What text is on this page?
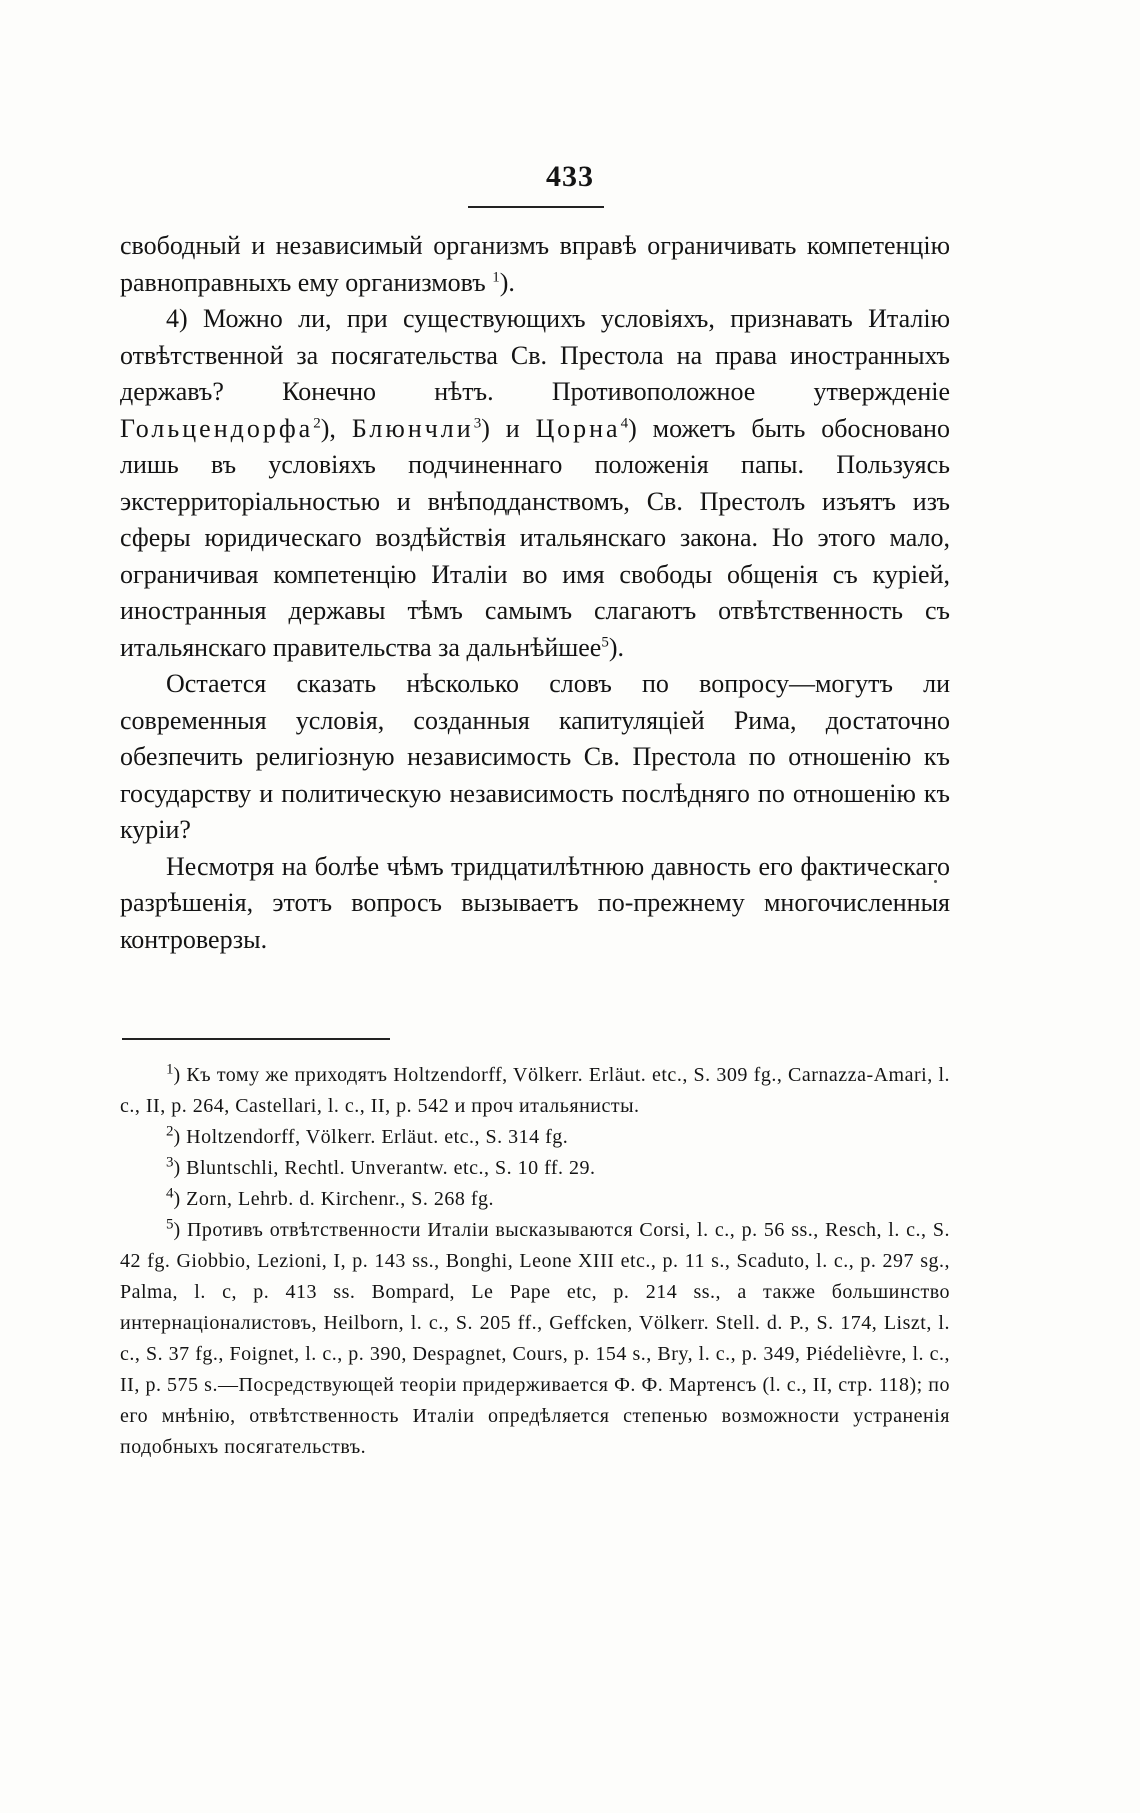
433

свободный и независимый организмъ вправѣ ограничивать компетенцію равноправныхъ ему организмовъ $^1$).

4) Можно ли, при существующихъ условіяхъ, признавать Италію отвѣтственной за посягательства Св. Престола на права иностранныхъ державъ? Конечно нѣтъ. Противоположное утвержденіе Гольцендорфа$^2$), Блюнчли$^3$) и Цорна$^4$) можетъ быть обосновано лишь въ условіяхъ подчиненнаго положенія папы. Пользуясь экстерриторіальностью и внѣподданствомъ, Св. Престолъ изъятъ изъ сферы юридическаго воздѣйствія итальянскаго закона. Но этого мало, ограничивая компетенцію Италіи во имя свободы общенія съ куріей, иностранныя державы тѣмъ самымъ слагаютъ отвѣтственность съ итальянскаго правительства за дальнѣйшее$^5$).

Остается сказать нѣсколько словъ по вопросу—могутъ ли современныя условія, созданныя капитуляціей Рима, достаточно обезпечить религіозную независимость Св. Престола по отношенію къ государству и политическую независимость послѣдняго по отношенію къ куріи?

Несмотря на болѣе чѣмъ тридцатилѣтнюю давность его фактическаго разрѣшенія, этотъ вопросъ вызываетъ по-прежнему многочисленныя контроверзы.

$^1$) Къ тому же приходятъ Holtzendorff, Völkerr. Erläut. etc., S. 309 fg., Carnazza-Amari, l. c., II, p. 264, Castellari, l. c., II, p. 542 и проч итальянисты.

$^2$) Holtzendorff, Völkerr. Erläut. etc., S. 314 fg.

$^3$) Bluntschli, Rechtl. Unverantw. etc., S. 10 ff. 29.

$^4$) Zorn, Lehrb. d. Kirchenr., S. 268 fg.

$^5$) Противъ отвѣтственности Италіи высказываются Corsi, l. c., p. 56 ss., Resch, l. c., S. 42 fg. Giobbio, Lezioni, I, p. 143 ss., Bonghi, Leone XIII etc., p. 11 s., Scaduto, l. c., p. 297 sg., Palma, l. c, p. 413 ss. Bompard, Le Pape etc, p. 214 ss., а также большинство интернаціоналистовъ, Heilborn, l. c., S. 205 ff., Geffcken, Völkerr. Stell. d. P., S. 174, Liszt, l. c., S. 37 fg., Foignet, l. c., p. 390, Despagnet, Cours, p. 154 s., Bry, l. c., p. 349, Piédelièvre, l. c., II, p. 575 s.—Посредствующей теоріи придерживается Ф. Ф. Мартенсъ (l. c., II, стр. 118); по его мнѣнію, отвѣтственность Италіи опредѣляется степенью возможности устраненія подобныхъ посягательствъ.
